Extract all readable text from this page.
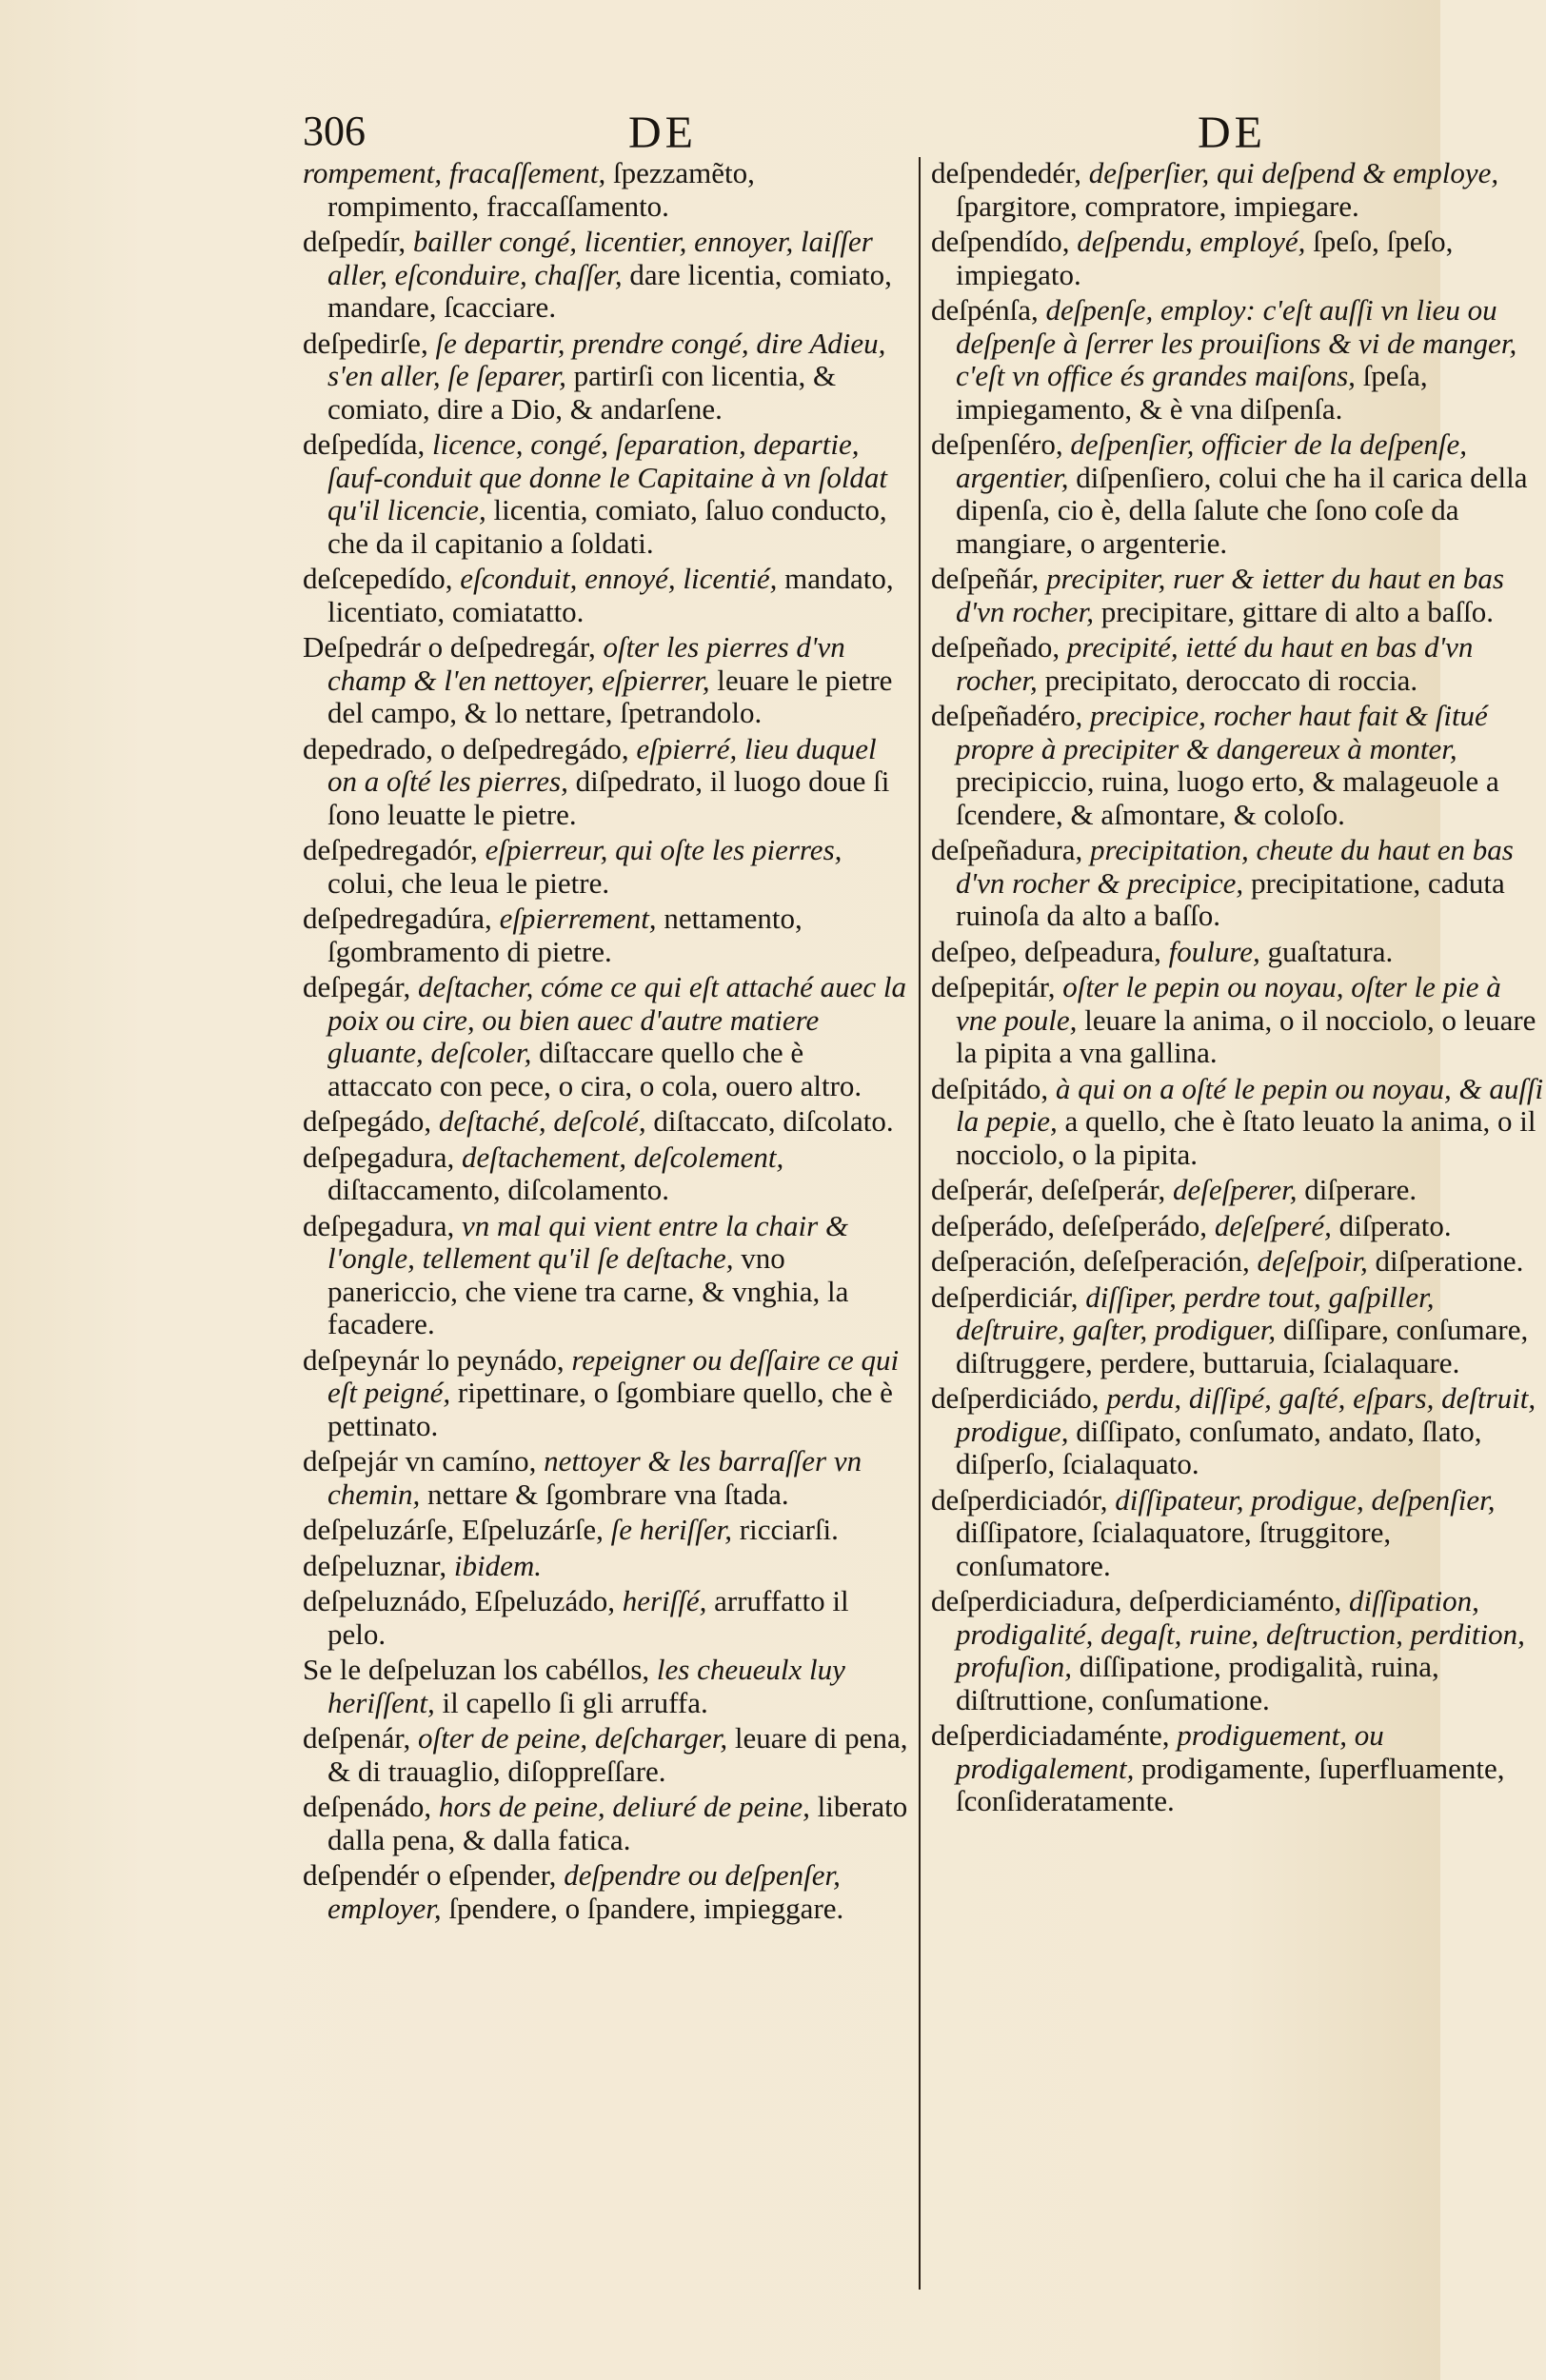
306	DE	DE
rompement, fracaſſement, ſpezzamẽto, rompimento, fraccaſſamento.
deſpedír, bailler congé, licentier, ennoyer, laiſſer aller, eſconduire, chaſſer, dare licentia, comiato, mandare, ſcacciare.
deſpedirſe, ſe departir, prendre congé, dire Adieu, s'en aller, ſe ſeparer, partirſi con licentia, & comiato, dire a Dio, & andarſene.
deſpedída, licence, congé, ſeparation, departie, ſauf-conduit que donne le Capitaine à vn ſoldat qu'il licencie, licentia, comiato, ſaluo conducto, che da il capitanio a ſoldati.
deſcepedído, eſconduit, ennoyé, licentié, mandato, licentiato, comiatatto.
Deſpedrár o deſpedregár, oſter les pierres d'vn champ & l'en nettoyer, eſpierrer, leuare le pietre del campo, & lo nettare, ſpetrandolo.
depedrado, o deſpedregádo, eſpierré, lieu duquel on a oſté les pierres, diſpedrato, il luogo doue ſi ſono leuatte le pietre.
deſpedregadór, eſpierreur, qui oſte les pierres, colui, che leua le pietre.
deſpedregadúra, eſpierrement, nettamento, ſgombramento di pietre.
deſpegár, deſtacher, cóme ce qui eſt attaché auec la poix ou cire, ou bien auec d'autre matiere gluante, deſcoler, diſtaccare quello che è attaccato con pece, o cira, o cola, ouero altro.
deſpegádo, deſtaché, deſcolé, diſtaccato, diſcolato.
deſpegadura, deſtachement, deſcolement, diſtaccamento, diſcolamento.
deſpegadura, vn mal qui vient entre la chair & l'ongle, tellement qu'il ſe deſtache, vno panericcio, che viene tra carne, & vnghia, la facadere.
deſpeynár lo peynádo, repeigner ou deſſaire ce qui eſt peigné, ripettinare, o ſgombiare quello, che è pettinato.
deſpejár vn camíno, nettoyer & les barraſſer vn chemin, nettare & ſgombrare vna ſtada.
deſpeluzárſe, Eſpeluzárſe, ſe heriſſer, ricciarſi.
deſpeluznar, ibidem.
deſpeluznádo, Eſpeluzádo, heriſſé, arruffatto il pelo.
Se le deſpeluzan los cabéllos, les cheueulx luy heriſſent, il capello ſi gli arruffa.
deſpenár, oſter de peine, deſcharger, leuare di pena, & di trauaglio, diſoppreſſare.
deſpenádo, hors de peine, deliuré de peine, liberato dalla pena, & dalla fatica.
deſpendér o eſpender, deſpendre ou deſpenſer, employer, ſpendere, o ſpandere, impieggare.
deſpendedér, deſperſier, qui deſpend & employe, ſpargitore, compratore, impiegare.
deſpendído, deſpendu, employé, ſpeſo, ſpeſo, impiegato.
deſpénſa, deſpenſe, employ: c'eſt auſſi vn lieu ou deſpenſe à ſerrer les prouiſions & vi de manger, c'eſt vn office és grandes maiſons, ſpeſa, impiegamento, & è vna diſpenſa.
deſpenſéro, deſpenſier, officier de la deſpenſe, argentier, diſpenſiero, colui che ha il carica della dipenſa, cio è, della ſalute che ſono coſe da mangiare, o argenterie.
deſpeñár, precipiter, ruer & ietter du haut en bas d'vn rocher, precipitare, gittare di alto a baſſo.
deſpeñado, precipité, ietté du haut en bas d'vn rocher, precipitato, deroccato di roccia.
deſpeñadéro, precipice, rocher haut fait & ſitué propre à precipiter & dangereux à monter, precipiccio, ruina, luogo erto, & malageuole a ſcendere, & aſmontare, & coloſo.
deſpeñadura, precipitation, cheute du haut en bas d'vn rocher & precipice, precipitatione, caduta ruinoſa da alto a baſſo.
deſpeo, deſpeadura, foulure, guaſtatura.
deſpepitár, oſter le pepin ou noyau, oſter le pie à vne poule, leuare la anima, o il nocciolo, o leuare la pipita a vna gallina.
deſpitádo, à qui on a oſté le pepin ou noyau, & auſſi la pepie, a quello, che è ſtato leuato la anima, o il nocciolo, o la pipita.
deſperár, deſeſperár, deſeſperer, diſperare.
deſperádo, deſeſperádo, deſeſperé, diſperato.
deſperación, deſeſperación, deſeſpoir, diſperatione.
deſperdiciár, diſſiper, perdre tout, gaſpiller, deſtruire, gaſter, prodiguer, diſſipare, conſumare, diſtruggere, perdere, buttaruia, ſcialaquare.
deſperdiciádo, perdu, diſſipé, gaſté, eſpars, deſtruit, prodigue, diſſipato, conſumato, andato, ſlato, diſperſo, ſcialaquato.
deſperdiciadór, diſſipateur, prodigue, deſpenſier, diſſipatore, ſcialaquatore, ſtruggitore, conſumatore.
deſperdiciadura, deſperdiciaménto, diſſipation, prodigalité, degaſt, ruine, deſtruction, perdition, profuſion, diſſipatione, prodigalità, ruina, diſtruttione, conſumatione.
deſperdiciadaménte, prodiguement, ou prodigalement, prodigamente, ſuperfluamente, ſconſideratamente.
